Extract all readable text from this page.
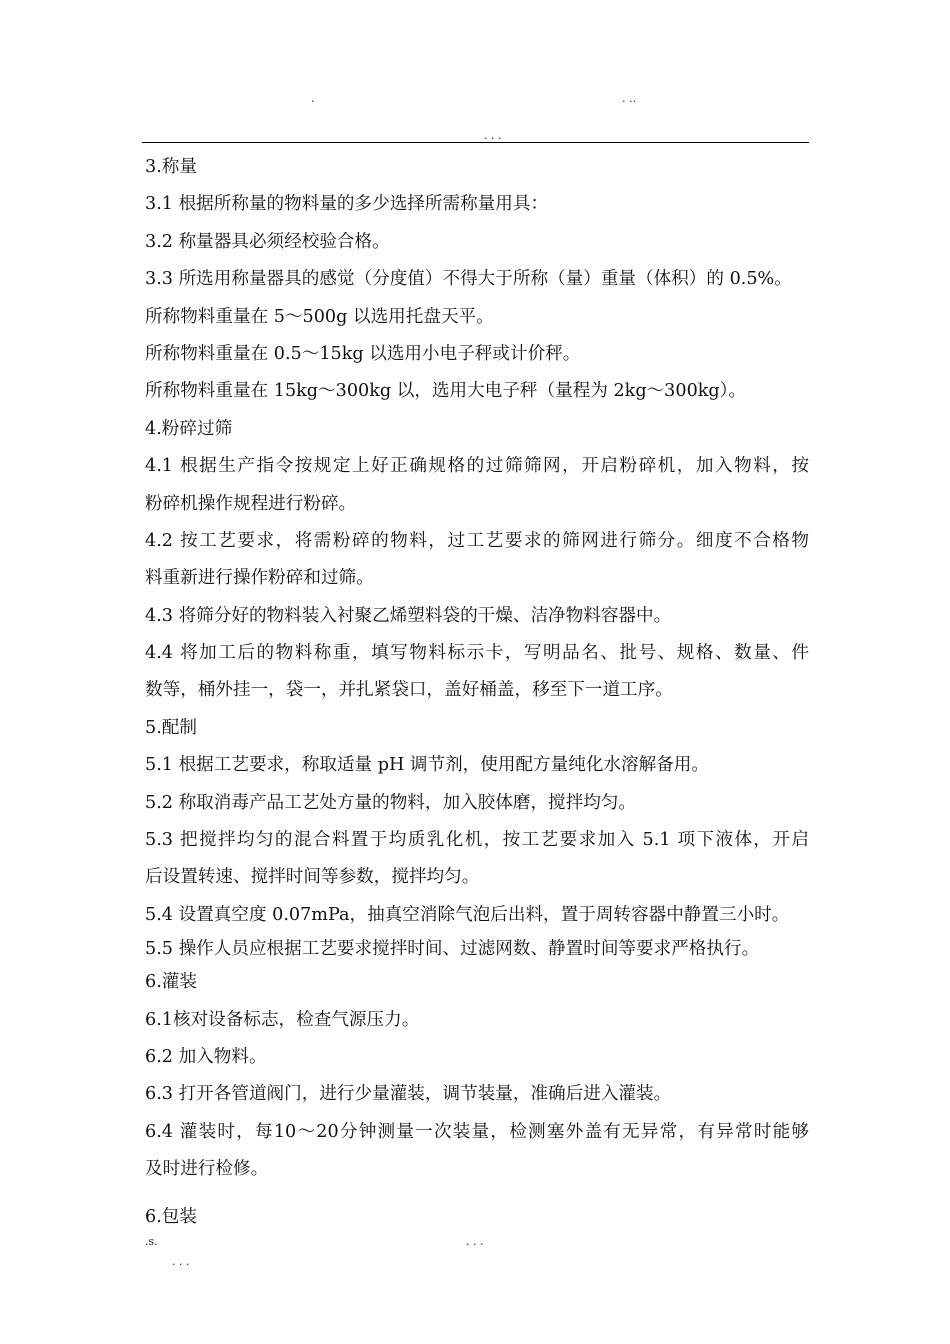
.	. ..
. . .
3.称量
3.1 根据所称量的物料量的多少选择所需称量用具：
3.2 称量器具必须经校验合格。
3.3 所选用称量器具的感觉（分度值）不得大于所称（量）重量（体积）的 0.5%。
所称物料重量在 5～500g 以选用托盘天平。
所称物料重量在 0.5～15kg 以选用小电子秤或计价秤。
所称物料重量在 15kg～300kg 以，选用大电子秤（量程为 2kg～300kg）。
4.粉碎过筛
4.1 根据生产指令按规定上好正确规格的过筛筛网，开启粉碎机，加入物料，按
粉碎机操作规程进行粉碎。
4.2 按工艺要求，将需粉碎的物料，过工艺要求的筛网进行筛分。细度不合格物
料重新进行操作粉碎和过筛。
4.3 将筛分好的物料装入衬聚乙烯塑料袋的干燥、洁净物料容器中。
4.4 将加工后的物料称重，填写物料标示卡，写明品名、批号、规格、数量、件
数等，桶外挂一，袋一，并扎紧袋口，盖好桶盖，移至下一道工序。
5.配制
5.1 根据工艺要求，称取适量 pH 调节剂，使用配方量纯化水溶解备用。
5.2 称取消毒产品工艺处方量的物料，加入胶体磨，搅拌均匀。
5.3 把搅拌均匀的混合料置于均质乳化机，按工艺要求加入 5.1 项下液体，开启
后设置转速、搅拌时间等参数，搅拌均匀。
5.4 设置真空度 0.07mPa，抽真空消除气泡后出料，置于周转容器中静置三小时。
5.5 操作人员应根据工艺要求搅拌时间、过滤网数、静置时间等要求严格执行。
6.灌装
6.1核对设备标志，检查气源压力。
6.2 加入物料。
6.3 打开各管道阀门，进行少量灌装，调节装量，准确后进入灌装。
6.4 灌装时，每10～20分钟测量一次装量，检测塞外盖有无异常，有异常时能够
及时进行检修。
6.包装
.s.	. . .
. . .
